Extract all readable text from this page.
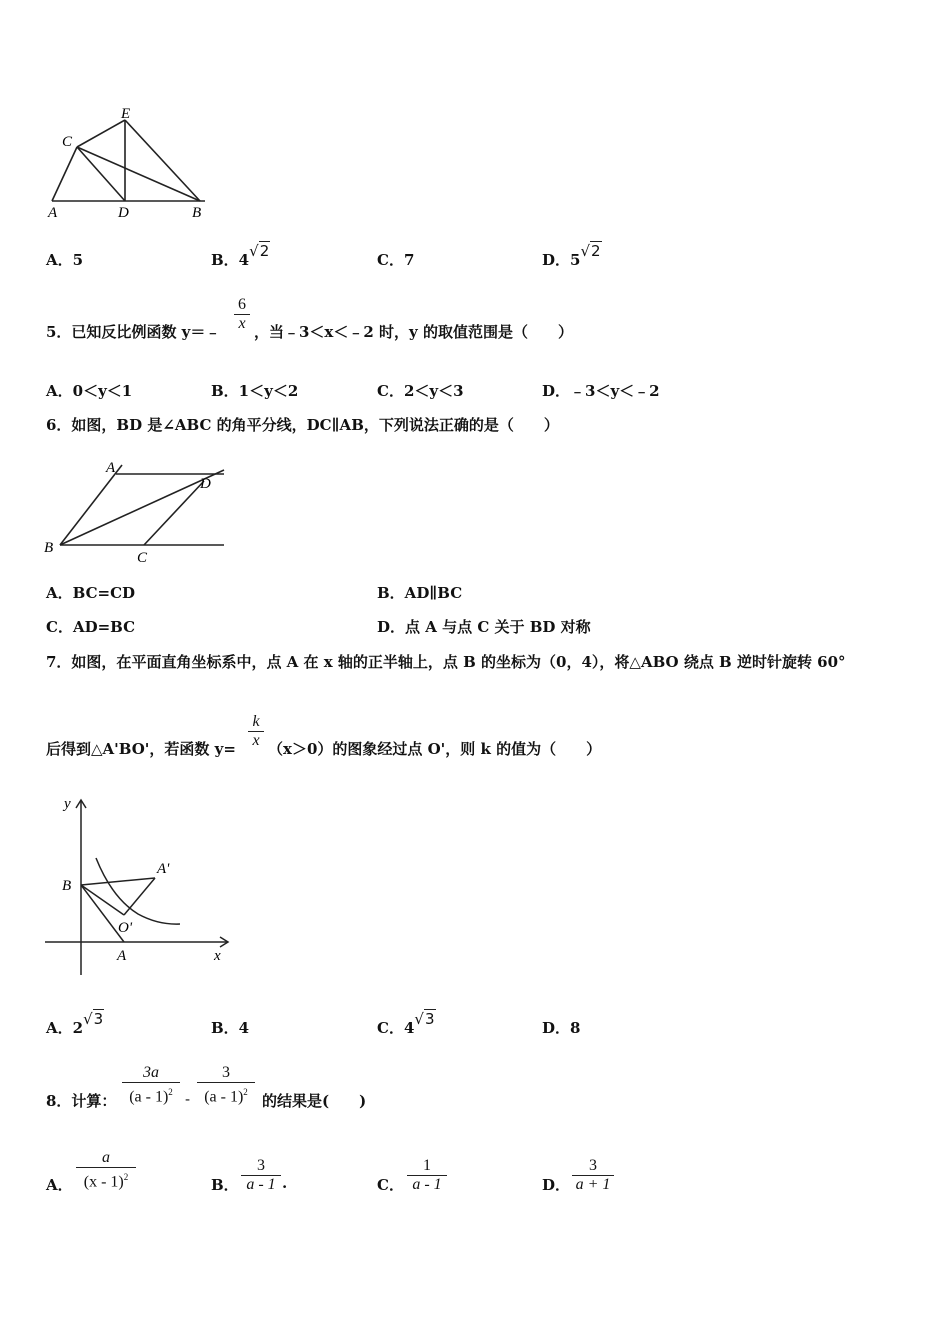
C
E
A	D	B
A．5	B．4√2	C．7	D．5√2
5．已知反比例函数 y＝﹣
6
x ，当﹣3＜x＜﹣2 时，y 的取值范围是（　　）
A．0＜y＜1	B．1＜y＜2	C．2＜y＜3	D．﹣3＜y＜﹣2
6．如图，BD 是∠ABC 的角平分线，DC∥AB，下列说法正确的是（　　）
A
D
B
C
A．BC=CD	B．AD∥BC
C．AD=BC	D．点 A 与点 C 关于 BD 对称
7．如图，在平面直角坐标系中，点 A 在 x 轴的正半轴上，点 B 的坐标为（0，4），将△ABO 绕点 B 逆时针旋转 60°
后得到△A'BO'，若函数 y=
k
x （x＞0）的图象经过点 O'，则 k 的值为（　　）
y
B
A'
O'
A	x
A．2√3	B．4	C．4√3	D．8
8．计算：
3a
(a - 1)$^2$ -
3
(a - 1)$^2$ 的结果是(　　)
A．
a
(x - 1)$^2$	B．
3
a - 1 .	C．
1
a - 1	D．
3
a + 1
